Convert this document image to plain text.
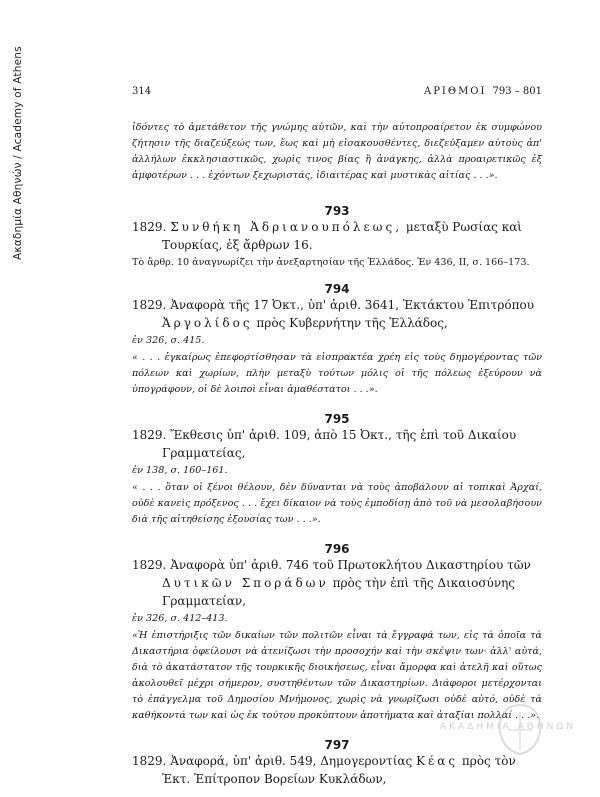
Ακαδημία Αθηνών / Academy of Athens	314	ΑΡΙΘΜΟΙ 793 – 801
ἰδόντες τὸ ἀμετάθετον τῆς γνώμης αὐτῶν, καὶ τὴν αὐτοπροαίρετον ἐκ συμφώνου ζήτησιν τῆς διαζεύξεώς των, ἕως καὶ μὴ εἰσακουσθέντες, διεζεύξαμεν αὐτοὺς ἀπ' ἀλλήλων ἐκκλησιαστικῶς, χωρὶς τινος βίας ἢ ἀνάγκης, ἀλλὰ προαιρετικῶς ἐξ ἀμφοτέρων . . . ἐχόντων ξεχωριστάς, ἰδιαιτέρας καὶ μυστικὰς αἰτίας . . .».
793
1829. Συνθήκη Ἀδριανουπόλεως, μεταξὺ Ρωσίας καὶ Τουρκίας, ἐξ ἄρθρων 16.
Τὸ ἄρθρ. 10 ἀναγνωρίζει τὴν ἀνεξαρτησίαν τῆς Ἑλλάδος. Ἐν 436, II, σ. 166–173.
794
1829. Ἀναφορὰ τῆς 17 Ὀκτ., ὑπ' ἀριθ. 3641, Ἐκτάκτου Ἐπιτρόπου Ἀργολίδος πρὸς Κυβερνήτην τῆς Ἑλλάδος,
ἐν 326, σ. 415.
« . . . ἐγκαίρως ἐπεφορτίσθησαν τὰ εἰσπρακτέα χρέη εἰς τοὺς δημογέροντας τῶν πόλεων καὶ χωρίων, πλὴν μεταξὺ τούτων μόλις οἱ τῆς πόλεως ἐξεύρουν νὰ ὑπογράφουν, οἱ δὲ λοιποὶ εἶναι ἀμαθέστατοι . . .».
795
1829. Ἔκθεσις ὑπ' ἀριθ. 109, ἀπὸ 15 Ὀκτ., τῆς ἐπὶ τοῦ Δικαίου Γραμματείας,
ἐν 138, σ. 160–161.
« . . . ὅταν οἱ ξένοι θέλουν, δὲν δύνανται νὰ τοὺς ἀποβάλουν αἱ τοπικαὶ Ἀρχαί, οὐδὲ κανεὶς πρόξενος . . . ἔχει δίκαιον νὰ τοὺς ἐμποδίσῃ ἀπὸ τοῦ νὰ μεσολαβήσουν διὰ τῆς αἰτηθείσης ἐξουσίας των . . .».
796
1829. Ἀναφορὰ ὑπ' ἀριθ. 746 τοῦ Πρωτοκλήτου Δικαστηρίου τῶν Δυτικῶν Σποράδων πρὸς τὴν ἐπὶ τῆς Δικαιοσύνης Γραμματείαν,
ἐν 326, σ. 412–413.
«Ἡ ἐπιστήριξις τῶν δικαίων τῶν πολιτῶν εἶναι τὰ ἔγγραφά των, εἰς τὰ ὁποῖα τὰ Δικαστήρια ὀφείλουσι νὰ ἀτενίζωσι τὴν προσοχήν καὶ τὴν σκέψιν των· ἀλλ' αὐτά, διὰ τὸ ἀκατάστατον τῆς τουρκικῆς διοικήσεως, εἶναι ἄμορφα καὶ ἀτελῆ καὶ οὕτως ἀκολουθεῖ μέχρι σήμερον, συστηθέντων τῶν Δικαστηρίων. Διάφοροι μετέρχονται τὸ ἐπάγγελμα τοῦ Δημοσίου Μνήμονος, χωρὶς νὰ γνωρίζωσι οὐδὲ αὐτό, οὐδὲ τὰ καθήκοντά των καὶ ὡς ἐκ τούτου προκύπτουν ἀποτήματα καὶ ἀταξίαι πολλαί . . .».
797
1829. Ἀναφορά, ὑπ' ἀριθ. 549, Δημογεροντίας Κέας πρὸς τὸν Ἐκτ. Ἐπίτροπον Βορείων Κυκλάδων,
ΑΚΑΔΗΜΙΑ ΑΘΗΝΩΝ
